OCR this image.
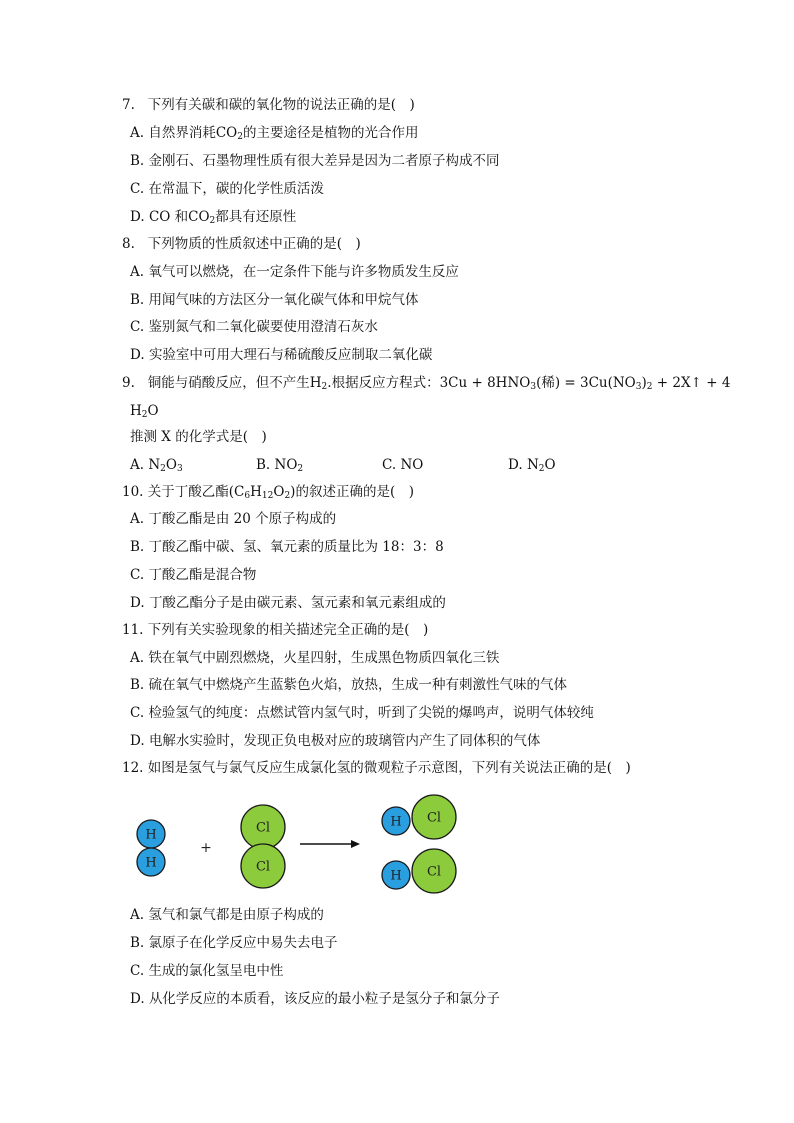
7. 下列有关碳和碳的氧化物的说法正确的是(　)
A. 自然界消耗$CO_2$的主要途径是植物的光合作用
B. 金刚石、石墨物理性质有很大差异是因为二者原子构成不同
C. 在常温下，碳的化学性质活泼
D. CO 和$CO_2$都具有还原性
8. 下列物质的性质叙述中正确的是(　)
A. 氧气可以燃烧，在一定条件下能与许多物质发生反应
B. 用闻气味的方法区分一氧化碳气体和甲烷气体
C. 鉴别氮气和二氧化碳要使用澄清石灰水
D. 实验室中可用大理石与稀硫酸反应制取二氧化碳
9. 铜能与硝酸反应，但不产生$H_2$.根据反应方程式：$3Cu + 8HNO_3$(稀) = $3Cu(NO_3)_2$ + 2X↑ + 4
$H_2O$
推测 X 的化学式是(　)
A. $N_2O_3$	B. $NO_2$	C. NO	D. $N_2O$
10. 关于丁酸乙酯$(C_6H_{12}O_2)$的叙述正确的是(　)
A. 丁酸乙酯是由 20 个原子构成的
B. 丁酸乙酯中碳、氢、氧元素的质量比为 18：3：8
C. 丁酸乙酯是混合物
D. 丁酸乙酯分子是由碳元素、氢元素和氧元素组成的
11. 下列有关实验现象的相关描述完全正确的是(　)
A. 铁在氧气中剧烈燃烧，火星四射，生成黑色物质四氧化三铁
B. 硫在氧气中燃烧产生蓝紫色火焰，放热，生成一种有刺激性气味的气体
C. 检验氢气的纯度：点燃试管内氢气时，听到了尖锐的爆鸣声，说明气体较纯
D. 电解水实验时，发现正负电极对应的玻璃管内产生了同体积的气体
12. 如图是氢气与氯气反应生成氯化氢的微观粒子示意图，下列有关说法正确的是(　)
H
H
+
Cl
Cl
H Cl
H Cl
A. 氢气和氯气都是由原子构成的
B. 氯原子在化学反应中易失去电子
C. 生成的氯化氢呈电中性
D. 从化学反应的本质看，该反应的最小粒子是氢分子和氯分子
